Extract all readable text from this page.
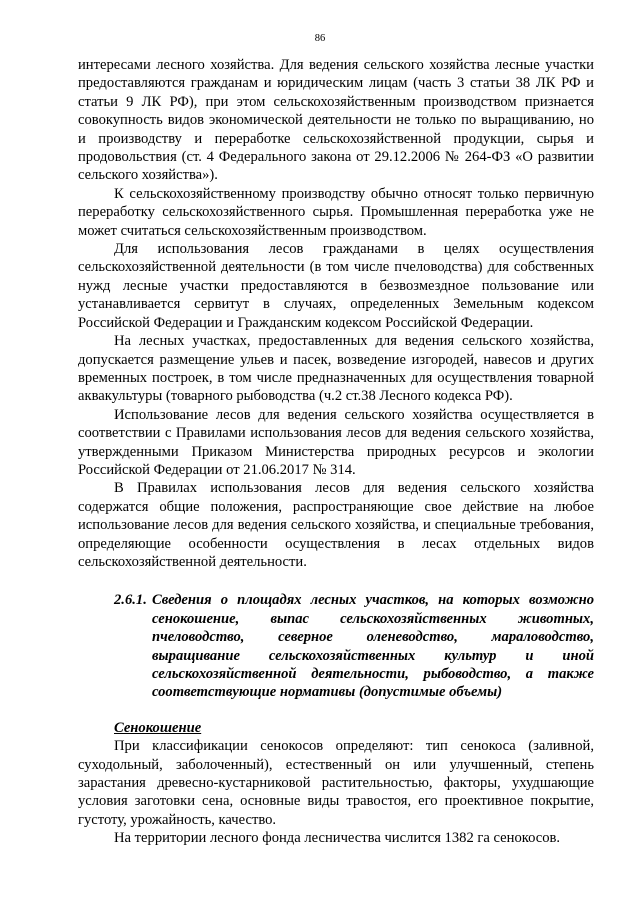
86

интересами лесного хозяйства. Для ведения сельского хозяйства лесные участки предоставляются гражданам и юридическим лицам (часть 3 статьи 38 ЛК РФ и статьи 9 ЛК РФ), при этом сельскохозяйственным производством признается совокупность видов экономической деятельности не только по выращиванию, но и производству и переработке сельскохозяйственной продукции, сырья и продовольствия (ст. 4 Федерального закона от 29.12.2006 № 264-ФЗ «О развитии сельского хозяйства»).

К сельскохозяйственному производству обычно относят только первичную переработку сельскохозяйственного сырья. Промышленная переработка уже не может считаться сельскохозяйственным производством.

Для использования лесов гражданами в целях осуществления сельскохозяйственной деятельности (в том числе пчеловодства) для собственных нужд лесные участки предоставляются в безвозмездное пользование или устанавливается сервитут в случаях, определенных Земельным кодексом Российской Федерации и Гражданским кодексом Российской Федерации.

На лесных участках, предоставленных для ведения сельского хозяйства, допускается размещение ульев и пасек, возведение изгородей, навесов и других временных построек, в том числе предназначенных для осуществления товарной аквакультуры (товарного рыбоводства (ч.2 ст.38 Лесного кодекса РФ).

Использование лесов для ведения сельского хозяйства осуществляется в соответствии с Правилами использования лесов для ведения сельского хозяйства, утвержденными Приказом Министерства природных ресурсов и экологии Российской Федерации от 21.06.2017 № 314.

В Правилах использования лесов для ведения сельского хозяйства содержатся общие положения, распространяющие свое действие на любое использование лесов для ведения сельского хозяйства, и специальные требования, определяющие особенности осуществления в лесах отдельных видов сельскохозяйственной деятельности.

2.6.1. Сведения о площадях лесных участков, на которых возможно сенокошение, выпас сельскохозяйственных животных, пчеловодство, северное оленеводство, мараловодство, выращивание сельскохозяйственных культур и иной сельскохозяйственной деятельности, рыбоводство, а также соответствующие нормативы (допустимые объемы)
Сенокошение

При классификации сенокосов определяют: тип сенокоса (заливной, суходольный, заболоченный), естественный он или улучшенный, степень зарастания древесно-кустарниковой растительностью, факторы, ухудшающие условия заготовки сена, основные виды травостоя, его проективное покрытие, густоту, урожайность, качество.

На территории лесного фонда лесничества числится 1382 га сенокосов.
